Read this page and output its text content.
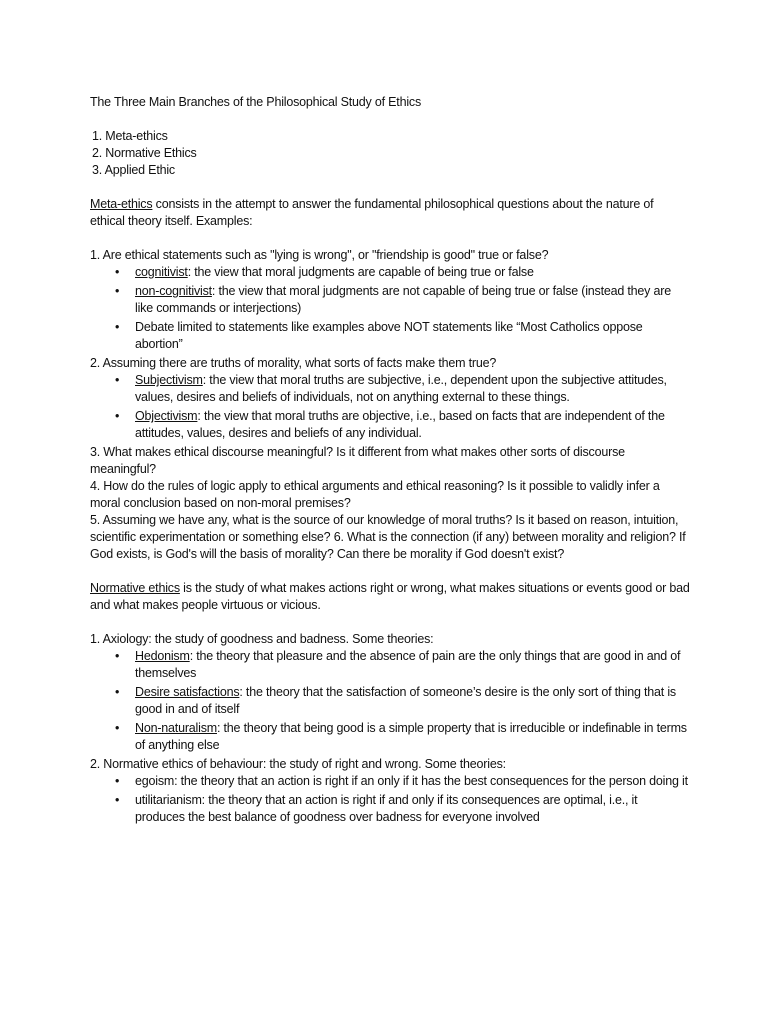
The Three Main Branches of the Philosophical Study of Ethics

1. Meta-ethics
2. Normative Ethics
3. Applied Ethic

Meta-ethics consists in the attempt to answer the fundamental philosophical questions about the nature of ethical theory itself. Examples:

1. Are ethical statements such as "lying is wrong", or "friendship is good" true or false?

• cognitivist: the view that moral judgments are capable of being true or false
• non-cognitivist: the view that moral judgments are not capable of being true or false (instead they are like commands or interjections)
• Debate limited to statements like examples above NOT statements like “Most Catholics oppose abortion”

2. Assuming there are truths of morality, what sorts of facts make them true?

• Subjectivism: the view that moral truths are subjective, i.e., dependent upon the subjective attitudes, values, desires and beliefs of individuals, not on anything external to these things.
• Objectivism: the view that moral truths are objective, i.e., based on facts that are independent of the attitudes, values, desires and beliefs of any individual.

3. What makes ethical discourse meaningful? Is it different from what makes other sorts of discourse meaningful?

4. How do the rules of logic apply to ethical arguments and ethical reasoning? Is it possible to validly infer a moral conclusion based on non-moral premises?

5. Assuming we have any, what is the source of our knowledge of moral truths? Is it based on reason, intuition, scientific experimentation or something else? 6. What is the connection (if any) between morality and religion? If God exists, is God's will the basis of morality? Can there be morality if God doesn't exist?

Normative ethics is the study of what makes actions right or wrong, what makes situations or events good or bad and what makes people virtuous or vicious.

1. Axiology: the study of goodness and badness. Some theories:

• Hedonism: the theory that pleasure and the absence of pain are the only things that are good in and of themselves
• Desire satisfactions: the theory that the satisfaction of someone’s desire is the only sort of thing that is good in and of itself
• Non-naturalism: the theory that being good is a simple property that is irreducible or indefinable in terms of anything else

2. Normative ethics of behaviour: the study of right and wrong. Some theories:

• egoism: the theory that an action is right if an only if it has the best consequences for the person doing it
• utilitarianism: the theory that an action is right if and only if its consequences are optimal, i.e., it produces the best balance of goodness over badness for everyone involved
